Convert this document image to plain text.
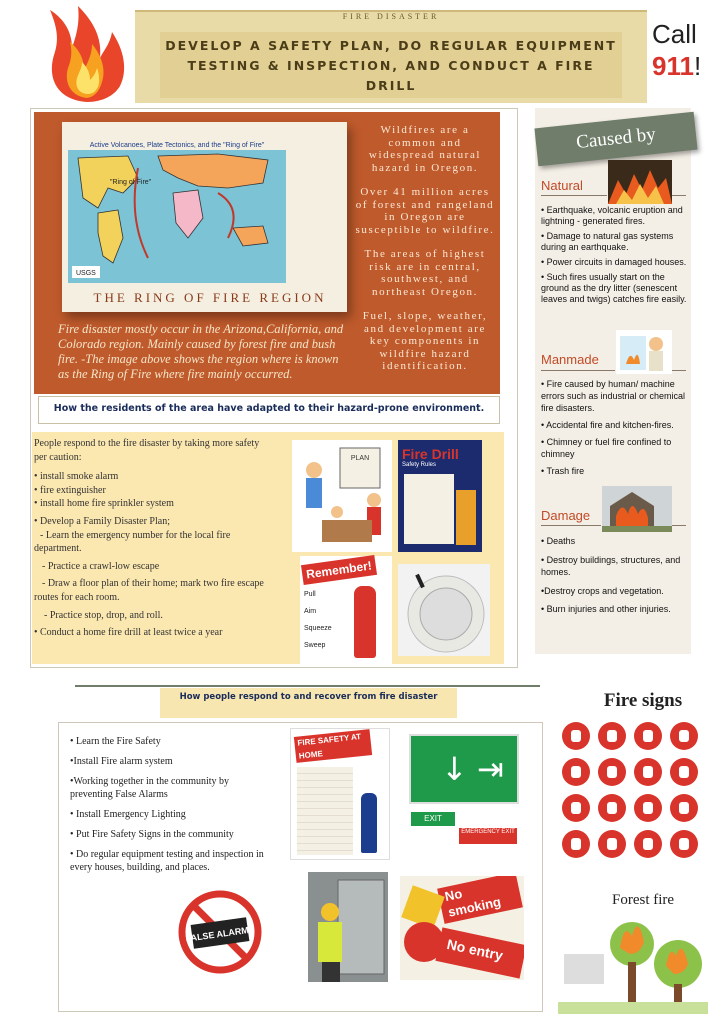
FIRE DISASTER
DEVELOP A SAFETY PLAN, DO REGULAR EQUIPMENT TESTING & INSPECTION, AND CONDUCT A FIRE DRILL
Call
911!
Active Volcanoes, Plate Tectonics, and the "Ring of Fire"
"Ring of Fire"
USGS
THE RING OF FIRE REGION
Fire disaster mostly occur in the Arizona,California, and Colorado region. Mainly caused by forest fire and bush fire. -The image above shows the region where is known as the Ring of Fire where fire mainly occurred.

Wildfires are a common and widespread natural hazard in Oregon.

Over 41 million acres of forest and rangeland in Oregon are susceptible to wildfire.

The areas of highest risk are in central, southwest, and northeast Oregon.

Fuel, slope, weather, and development are key components in wildfire hazard identification.

How the residents of the area have adapted to their hazard-prone environment.
People respond to the fire disaster by taking more safety per caution:
• install smoke alarm
• fire extinguisher
• install home fire sprinkler system
• Develop a Family Disaster Plan;
- Learn the emergency number for the local fire department.
- Practice a crawl-low escape
- Draw a floor plan of their home; mark two fire escape routes for each room.
- Practice stop, drop, and roll.
• Conduct a home fire drill at least twice a year
PLAN Fire Drill
Safety Rules
Remember!
Pull
Aim
Squeeze
Sweep
Caused by
Natural
• Earthquake, volcanic eruption and lightning - generated fires.
• Damage to natural gas systems during an earthquake.
• Power circuits in damaged houses.
• Such fires usually start on the ground as the dry litter (senescent leaves and twigs) catches fire easily.
Manmade
• Fire caused by human/ machine errors such as industrial or chemical fire disasters.
• Accidental fire and kitchen-fires.
• Chimney or fuel fire confined to chimney
• Trash fire
Damage
• Deaths
• Destroy buildings, structures, and homes.
•Destroy crops and vegetation.
• Burn injuries and other injuries.
How people respond to and recover from fire disaster
• Learn the Fire Safety
•Install Fire alarm system
•Working together in the community by preventing False Alarms
• Install Emergency Lighting
• Put Fire Safety Signs in the community
• Do regular equipment testing and inspection in every houses, building, and places.
FIRE SAFETY AT HOME	↓ ⇥
EXIT
EMERGENCY EXIT
FALSE ALARMS
No smoking
No entry
Fire signs
Forest fire
